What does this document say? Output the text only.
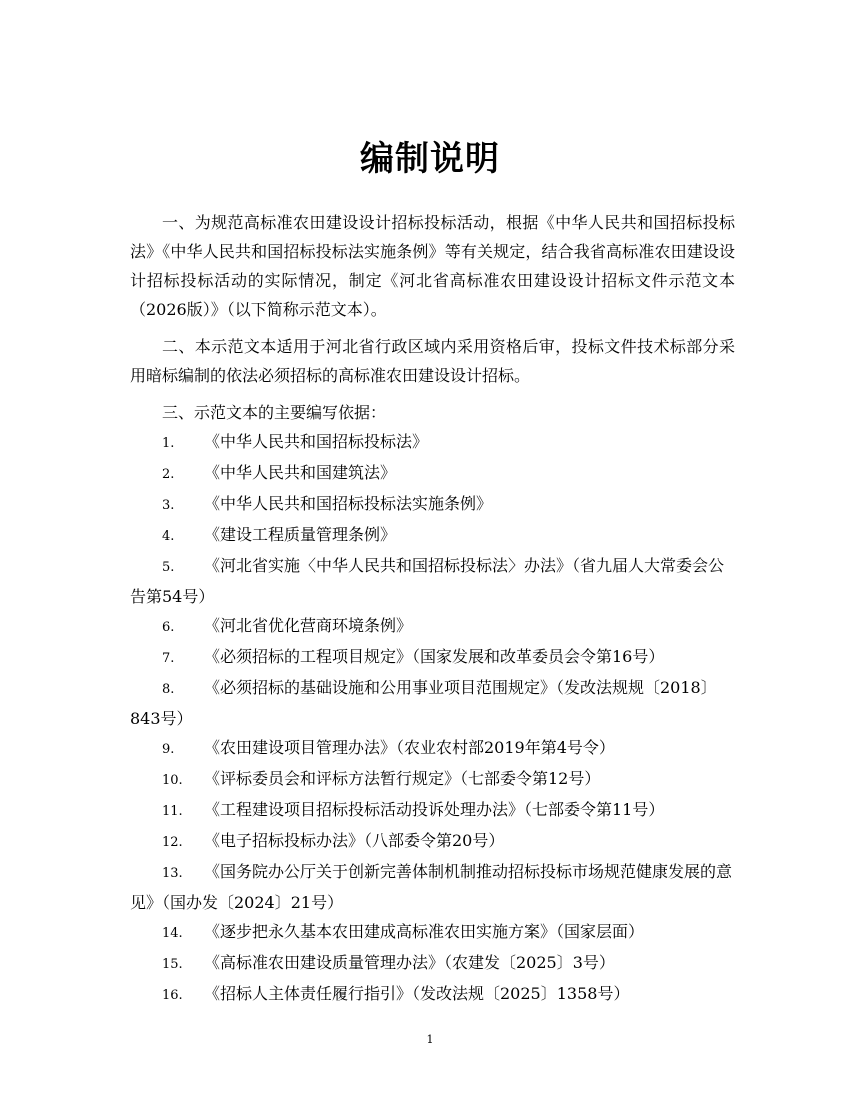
编制说明

一、为规范高标准农田建设设计招标投标活动，根据《中华人民共和国招标投标法》《中华人民共和国招标投标法实施条例》等有关规定，结合我省高标准农田建设设计招标投标活动的实际情况，制定《河北省高标准农田建设设计招标文件示范文本（2026版）》（以下简称示范文本）。

二、本示范文本适用于河北省行政区域内采用资格后审，投标文件技术标部分采用暗标编制的依法必须招标的高标准农田建设设计招标。

三、示范文本的主要编写依据：

1. 《中华人民共和国招标投标法》
2. 《中华人民共和国建筑法》
3. 《中华人民共和国招标投标法实施条例》
4. 《建设工程质量管理条例》
5. 《河北省实施〈中华人民共和国招标投标法〉办法》（省九届人大常委会公告第54号）
6. 《河北省优化营商环境条例》
7. 《必须招标的工程项目规定》（国家发展和改革委员会令第16号）
8. 《必须招标的基础设施和公用事业项目范围规定》（发改法规规〔2018〕843号）
9. 《农田建设项目管理办法》（农业农村部2019年第4号令）
10. 《评标委员会和评标方法暂行规定》（七部委令第12号）
11. 《工程建设项目招标投标活动投诉处理办法》（七部委令第11号）
12. 《电子招标投标办法》（八部委令第20号）
13. 《国务院办公厅关于创新完善体制机制推动招标投标市场规范健康发展的意见》（国办发〔2024〕21号）
14. 《逐步把永久基本农田建成高标准农田实施方案》（国家层面）
15. 《高标准农田建设质量管理办法》（农建发〔2025〕3号）
16. 《招标人主体责任履行指引》（发改法规〔2025〕1358号）
1
